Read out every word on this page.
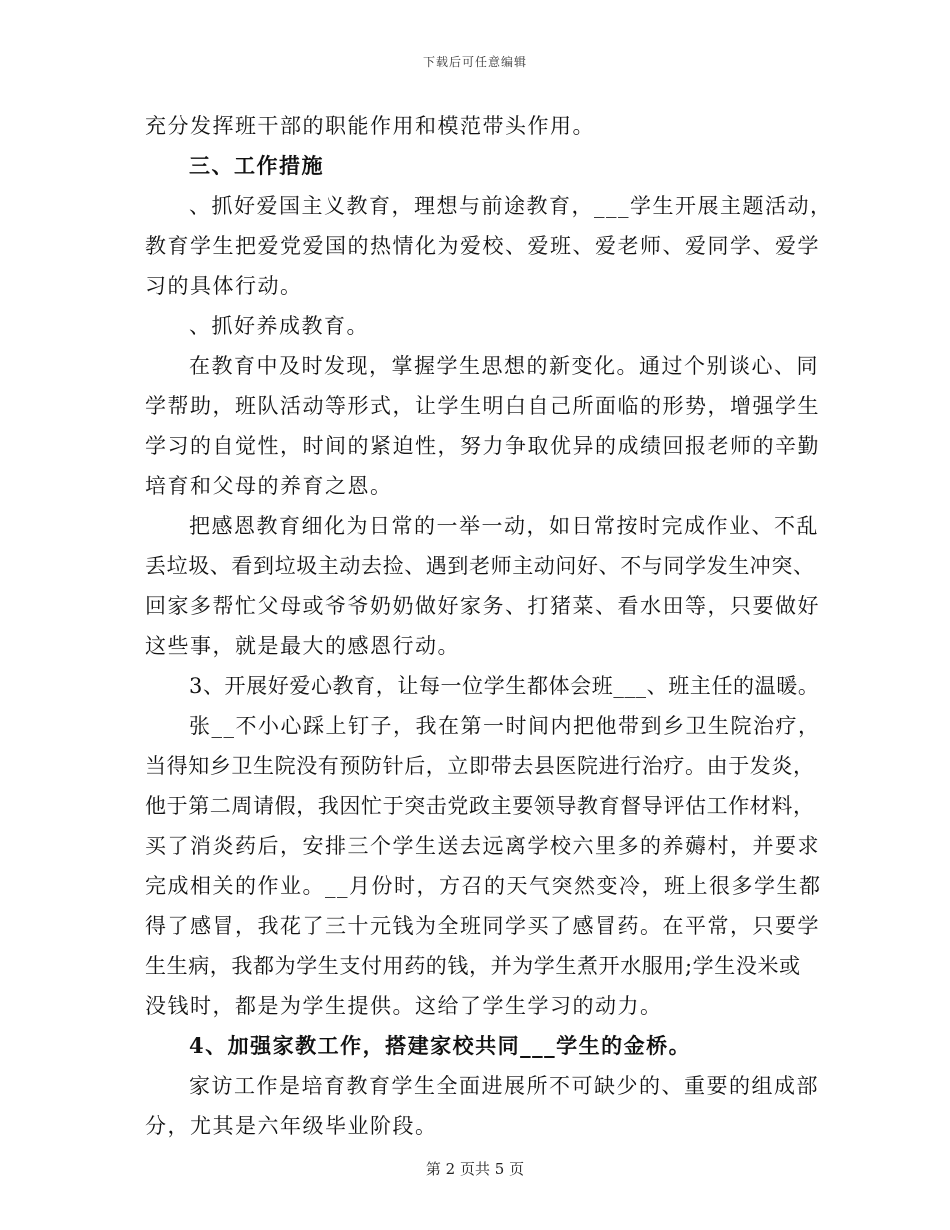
下载后可任意编辑
充分发挥班干部的职能作用和模范带头作用。
三、工作措施
、抓好爱国主义教育，理想与前途教育，___学生开展主题活动，
教育学生把爱党爱国的热情化为爱校、爱班、爱老师、爱同学、爱学
习的具体行动。
、抓好养成教育。
在教育中及时发现，掌握学生思想的新变化。通过个别谈心、同
学帮助，班队活动等形式，让学生明白自己所面临的形势，增强学生
学习的自觉性，时间的紧迫性，努力争取优异的成绩回报老师的辛勤
培育和父母的养育之恩。
把感恩教育细化为日常的一举一动，如日常按时完成作业、不乱
丢垃圾、看到垃圾主动去捡、遇到老师主动问好、不与同学发生冲突、
回家多帮忙父母或爷爷奶奶做好家务、打猪菜、看水田等，只要做好
这些事，就是最大的感恩行动。
3、开展好爱心教育，让每一位学生都体会班___、班主任的温暖。
张__不小心踩上钉子，我在第一时间内把他带到乡卫生院治疗，
当得知乡卫生院没有预防针后，立即带去县医院进行治疗。由于发炎，
他于第二周请假，我因忙于突击党政主要领导教育督导评估工作材料，
买了消炎药后，安排三个学生送去远离学校六里多的养薅村，并要求
完成相关的作业。__月份时，方召的天气突然变冷，班上很多学生都
得了感冒，我花了三十元钱为全班同学买了感冒药。在平常，只要学
生生病，我都为学生支付用药的钱，并为学生煮开水服用;学生没米或
没钱时，都是为学生提供。这给了学生学习的动力。
4、加强家教工作，搭建家校共同___学生的金桥。
家访工作是培育教育学生全面进展所不可缺少的、重要的组成部
分，尤其是六年级毕业阶段。
第 2 页共 5 页
